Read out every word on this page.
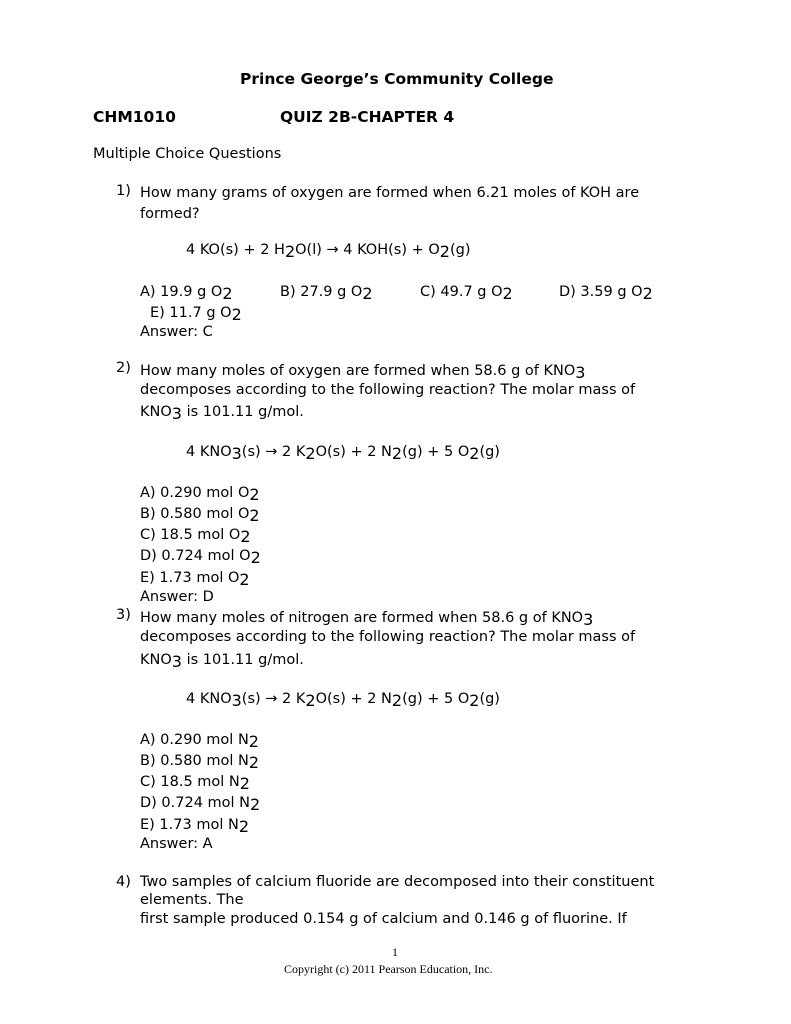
Prince George’s Community College
CHM1010	QUIZ 2B-CHAPTER 4
Multiple Choice Questions
1) How many grams of oxygen are formed when 6.21 moles of KOH are formed?
4 KO(s) + 2 H2O(l) → 4 KOH(s) + O2(g)
A) 19.9 g O2	B) 27.9 g O2	C) 49.7 g O2	D) 3.59 g O2
E) 11.7 g O2
Answer: C
2) How many moles of oxygen are formed when 58.6 g of KNO3
decomposes according to the following reaction? The molar mass of
KNO3 is 101.11 g/mol.
4 KNO3(s) → 2 K2O(s) + 2 N2(g) + 5 O2(g)
A) 0.290 mol O2
B) 0.580 mol O2
C) 18.5 mol O2
D) 0.724 mol O2
E) 1.73 mol O2
Answer: D
3) How many moles of nitrogen are formed when 58.6 g of KNO3
decomposes according to the following reaction? The molar mass of
KNO3 is 101.11 g/mol.
4 KNO3(s) → 2 K2O(s) + 2 N2(g) + 5 O2(g)
A) 0.290 mol N2
B) 0.580 mol N2
C) 18.5 mol N2
D) 0.724 mol N2
E) 1.73 mol N2
Answer: A
4) Two samples of calcium fluoride are decomposed into their constituent
elements. The
first sample produced 0.154 g of calcium and 0.146 g of fluorine. If
1
Copyright (c) 2011 Pearson Education, Inc.
